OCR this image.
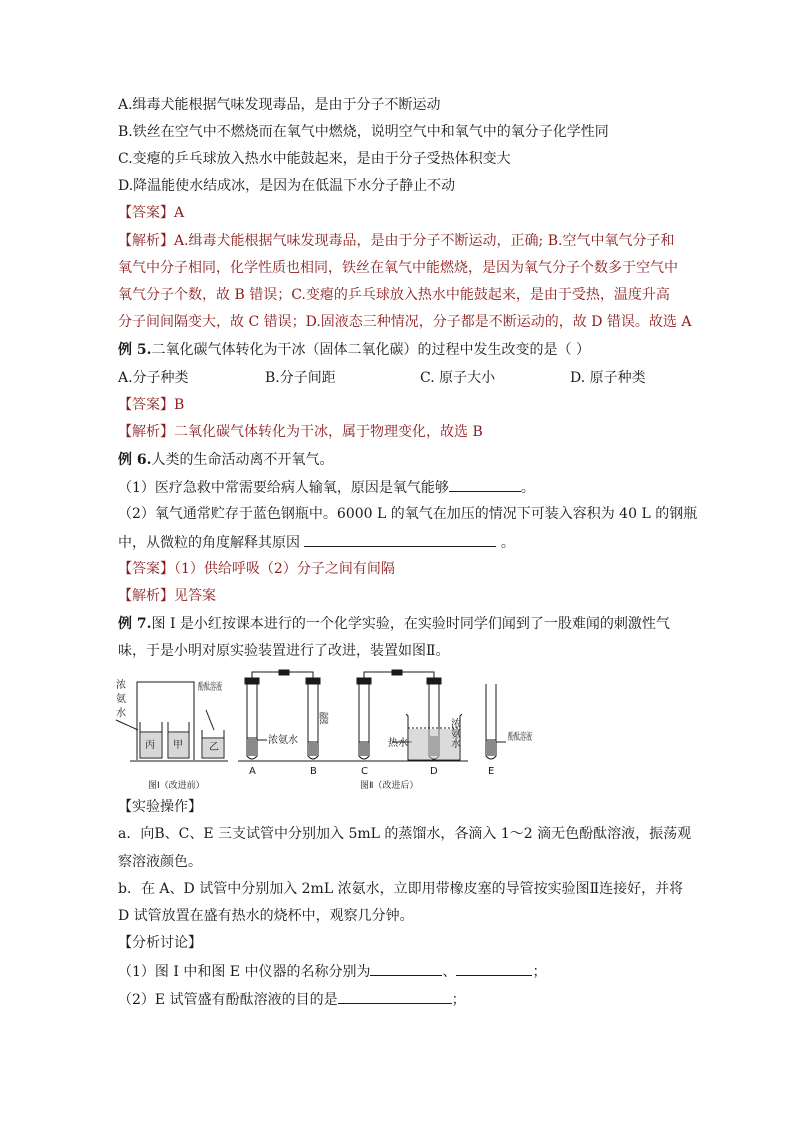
A.缉毒犬能根据气味发现毒品，是由于分子不断运动
B.铁丝在空气中不燃烧而在氧气中燃烧，说明空气中和氧气中的氧分子化学性同
C.变瘪的乒乓球放入热水中能鼓起来，是由于分子受热体积变大
D.降温能使水结成冰，是因为在低温下水分子静止不动
【答案】A
【解析】A.缉毒犬能根据气味发现毒品，是由于分子不断运动，正确; B.空气中氧气分子和
氧气中分子相同，化学性质也相同，铁丝在氧气中能燃烧，是因为氧气分子个数多于空气中
氧气分子个数，故 B 错误；C.变瘪的乒乓球放入热水中能鼓起来，是由于受热，温度升高
分子间间隔变大，故 C 错误；D.固液态三种情况，分子都是不断运动的，故 D 错误。故选 A
例 5.二氧化碳气体转化为干冰（固体二氧化碳）的过程中发生改变的是（ ）
A.分子种类	B.分子间距	C. 原子大小	D. 原子种类
【答案】B
【解析】二氧化碳气体转化为干冰，属于物理变化，故选 B
例 6.人类的生命活动离不开氧气。
（1）医疗急救中常需要给病人输氧，原因是氧气能够	。
（2）氧气通常贮存于蓝色钢瓶中。6000 L 的氧气在加压的情况下可装入容积为 40 L 的钢瓶
中，从微粒的角度解释其原因	。
【答案】（1）供给呼吸（2）分子之间有间隔
【解析】见答案
例 7.图 I 是小红按课本进行的一个化学实验，在实验时同学们闻到了一股难闻的刺激性气
味，于是小明对原实验装置进行了改进，装置如图Ⅱ。
浓
氨
水
丙 甲	乙
酚酞溶液
浓氨水 酚酞溶液	热水	浓氨水	酚酞溶液
A	B	C	D	E
图Ⅰ（改进前）	图Ⅱ（改进后）
【实验操作】
a．向B、C、E 三支试管中分别加入 5mL 的蒸馏水，各滴入 1～2 滴无色酚酞溶液，振荡观
察溶液颜色。
b．在 A、D 试管中分别加入 2mL 浓氨水，立即用带橡皮塞的导管按实验图Ⅱ连接好，并将
D 试管放置在盛有热水的烧杯中，观察几分钟。
【分析讨论】
（1）图 I 中和图 E 中仪器的名称分别为	、	；
（2）E 试管盛有酚酞溶液的目的是	；
